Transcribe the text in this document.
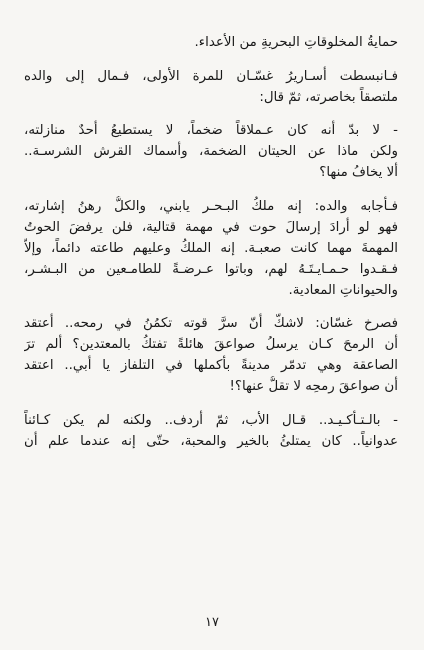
حمايةُ المخلوقاتِ البحريةِ من الأعداء.
فـانبسطت أسـاريرُ غسّـان للمرة الأولى، فـمال إلى والده
ملتصقاً بخاصرته، ثمّ قال:
- لا بدّ أنه كان عـملاقاً ضخماً، لا يستطيعُ أحدٌ منازلته،
ولكن ماذا عن الحيتان الضخمة، وأسماك القرش الشرسـة..
ألا يخافُ منها؟
فـأجابه والده: إنه ملكُ البـحـر يابني، والكلُّ رهنُ إشارته،
فهو لو أرادَ إرسالَ حوت في مهمة قتالية، فلن يرفضَ الحوتُ
المهمةَ مهما كانت صعبـة. إنه الملكُ وعليهم طاعته دائماً، وإلاّ
فـقـدوا حـمـايـتَـهُ لهم، وباتوا عـرضـةً للطامـعين من البـشـر،
والحيواناتِ المعادية.
فصرخ غسّان: لاشكّ أنّ سرَّ قوته تكمُنُ في رمحه.. أعتقد
أن الرمحَ كـان يرسلُ صواعقَ هائلةً تفتكُ بالمعتدين؟ ألم ترَ
الصاعقة وهي تدمّر مدينةً بأكملها في التلفاز يا أبي.. اعتقد
أن صواعقَ رمحِه لا تقلُّ عنها؟!
- بالـتـأكـيـد.. قـال الأب، ثمّ أردف.. ولكنه لم يكن كـائناً
عدوانياً.. كان يمتلئُ بالخير والمحبة، حتّى إنه عندما علم أن
١٧
